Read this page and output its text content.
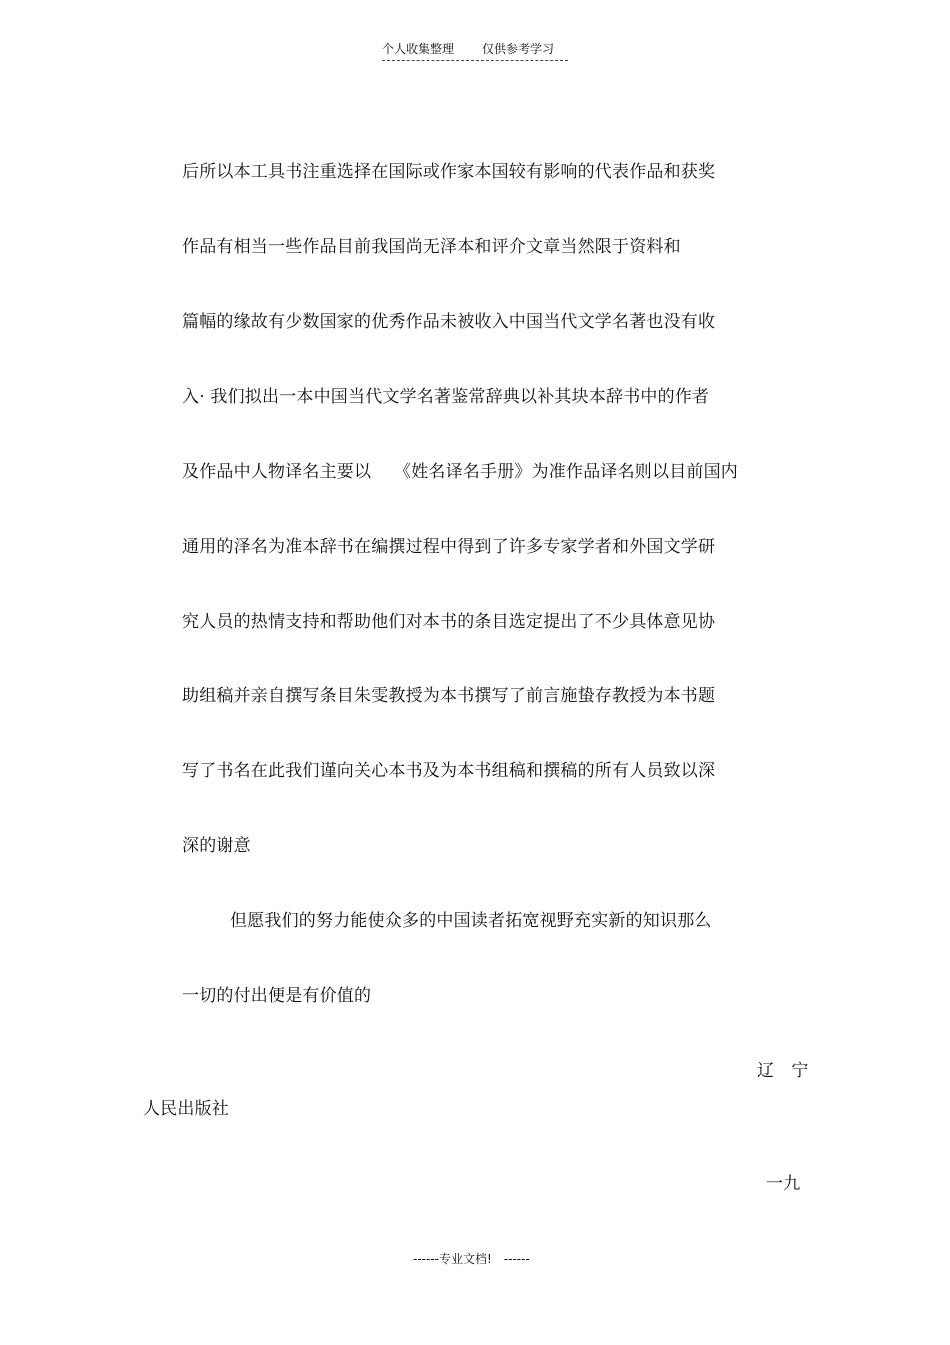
个人收集整理 仅供参考学习
后所以本工具书注重选择在国际或作家本国较有影响的代表作品和获奖
作品有相当一些作品目前我国尚无泽本和评介文章当然限于资料和
篇幅的缘故有少数国家的优秀作品未被收入中国当代文学名著也没有收
入· 我们拟出一本中国当代文学名著鉴常辞典以补其块本辞书中的作者
及作品中人物译名主要以　 《姓名译名手册》为准作品译名则以目前国内
通用的泽名为准本辞书在编撰过程中得到了许多专家学者和外国文学研
究人员的热情支持和帮助他们对本书的条目选定提出了不少具体意见协
助组稿并亲自撰写条目朱雯教授为本书撰写了前言施蛰存教授为本书题
写了书名在此我们谨向关心本书及为本书组稿和撰稿的所有人员致以深
深的谢意
但愿我们的努力能使众多的中国读者拓宽视野充实新的知识那么
一切的付出便是有价值的
辽　宁
人民出版社
一九
------专业文档!　------
